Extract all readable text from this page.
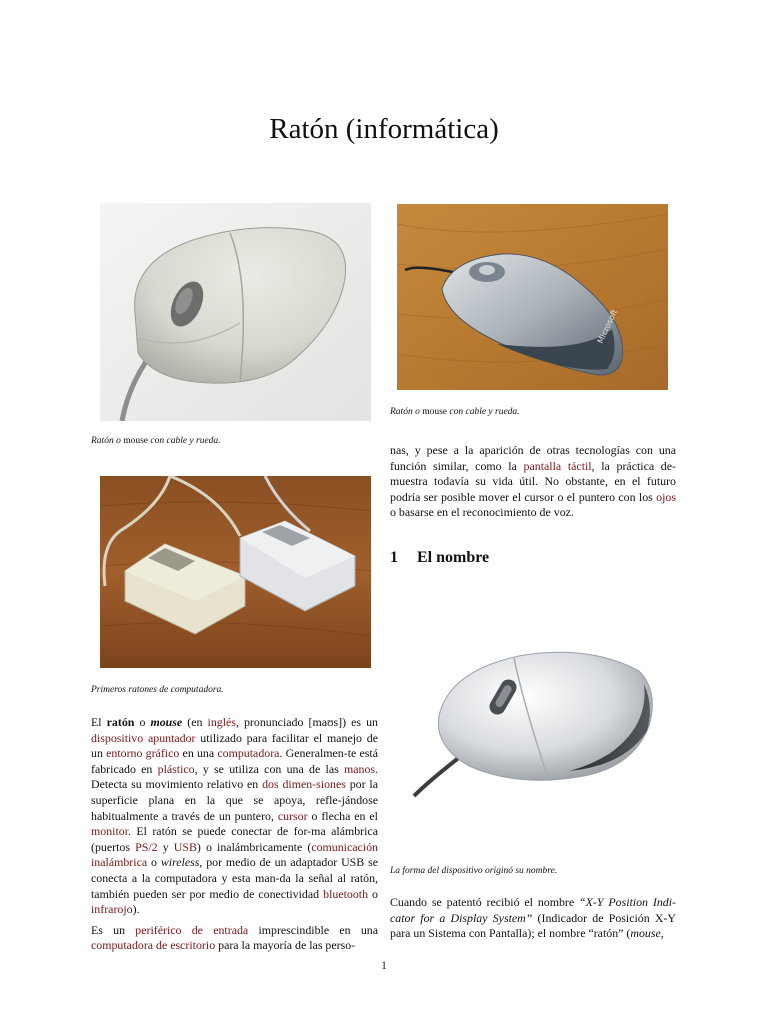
Ratón (informática)
Ratón o mouse con cable y rueda.
Microsoft
Ratón o mouse con cable y rueda.
Primeros ratones de computadora.

El ratón o mouse (en inglés, pronunciado [maʊs]) es un dispositivo apuntador utilizado para facilitar el manejo de un entorno gráfico en una computadora. Generalmen-te está fabricado en plástico, y se utiliza con una de las manos. Detecta su movimiento relativo en dos dimen-siones por la superficie plana en la que se apoya, refle-jándose habitualmente a través de un puntero, cursor o flecha en el monitor. El ratón se puede conectar de for-ma alámbrica (puertos PS/2 y USB) o inalámbricamente (comunicación inalámbrica o wireless, por medio de un adaptador USB se conecta a la computadora y esta man-da la señal al ratón, también pueden ser por medio de conectividad bluetooth o infrarojo).

Es un periférico de entrada imprescindible en una computadora de escritorio para la mayoría de las perso-

nas, y pese a la aparición de otras tecnologías con una función similar, como la pantalla táctil, la práctica de-muestra todavía su vida útil. No obstante, en el futuro podría ser posible mover el cursor o el puntero con los ojos o basarse en el reconocimiento de voz.

1 El nombre
La forma del dispositivo originó su nombre.

Cuando se patentó recibió el nombre “X-Y Position Indi-cator for a Display System” (Indicador de Posición X-Y para un Sistema con Pantalla); el nombre “ratón” (mouse,

1
